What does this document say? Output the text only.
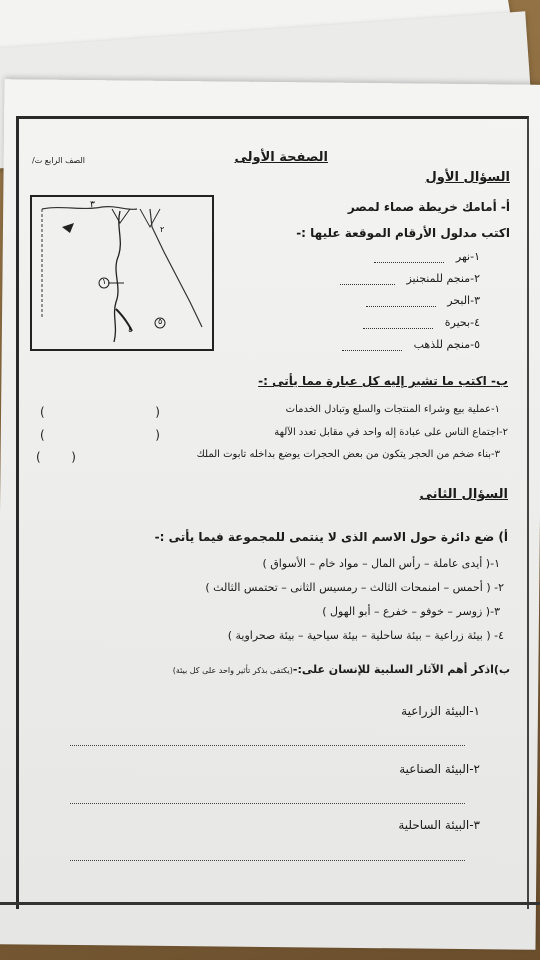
الصفحة الأولى
الصف الرابع ت/
السؤال الأول
أ- أمامك خريطة صماء لمصر
اكتب مدلول الأرقام الموقعة عليها :-
١-نهر
٢-منجم للمنجنيز
٣-البحر
٤-بحيرة
٥-منجم للذهب
٣
١
٥
٢
٤
ب- اكتب ما تشير إليه كل عبارة مما يأتى :-
١-عملية بيع وشراء المنتجات والسلع وتبادل الخدمات
٢-اجتماع الناس على عبادة إله واحد في مقابل تعدد الآلهة
٣-بناء ضخم من الحجر يتكون من بعض الحجرات يوضع بداخله تابوت الملك
(                             )
(                             )
(        )
السؤال الثانى
أ) ضع دائرة حول الاسم الذى لا ينتمى للمجموعة فيما يأتى :-
١-( أيدى عاملة – رأس المال – مواد خام – الأسواق )
٢- ( أحمس – امنمحات الثالث – رمسيس الثانى – تحتمس الثالث )
٣-( زوسر – خوفو – خفرع – أبو الهول )
٤- ( بيئة زراعية – بيئة ساحلية – بيئة سياحية – بيئة صحراوية )
ب)اذكر أهم الآثار السلبية للإنسان على:-(يكتفى بذكر تأثير واحد على كل بيئة)
١-البيئة الزراعية
٢-البيئة الصناعية
٣-البيئة الساحلية
